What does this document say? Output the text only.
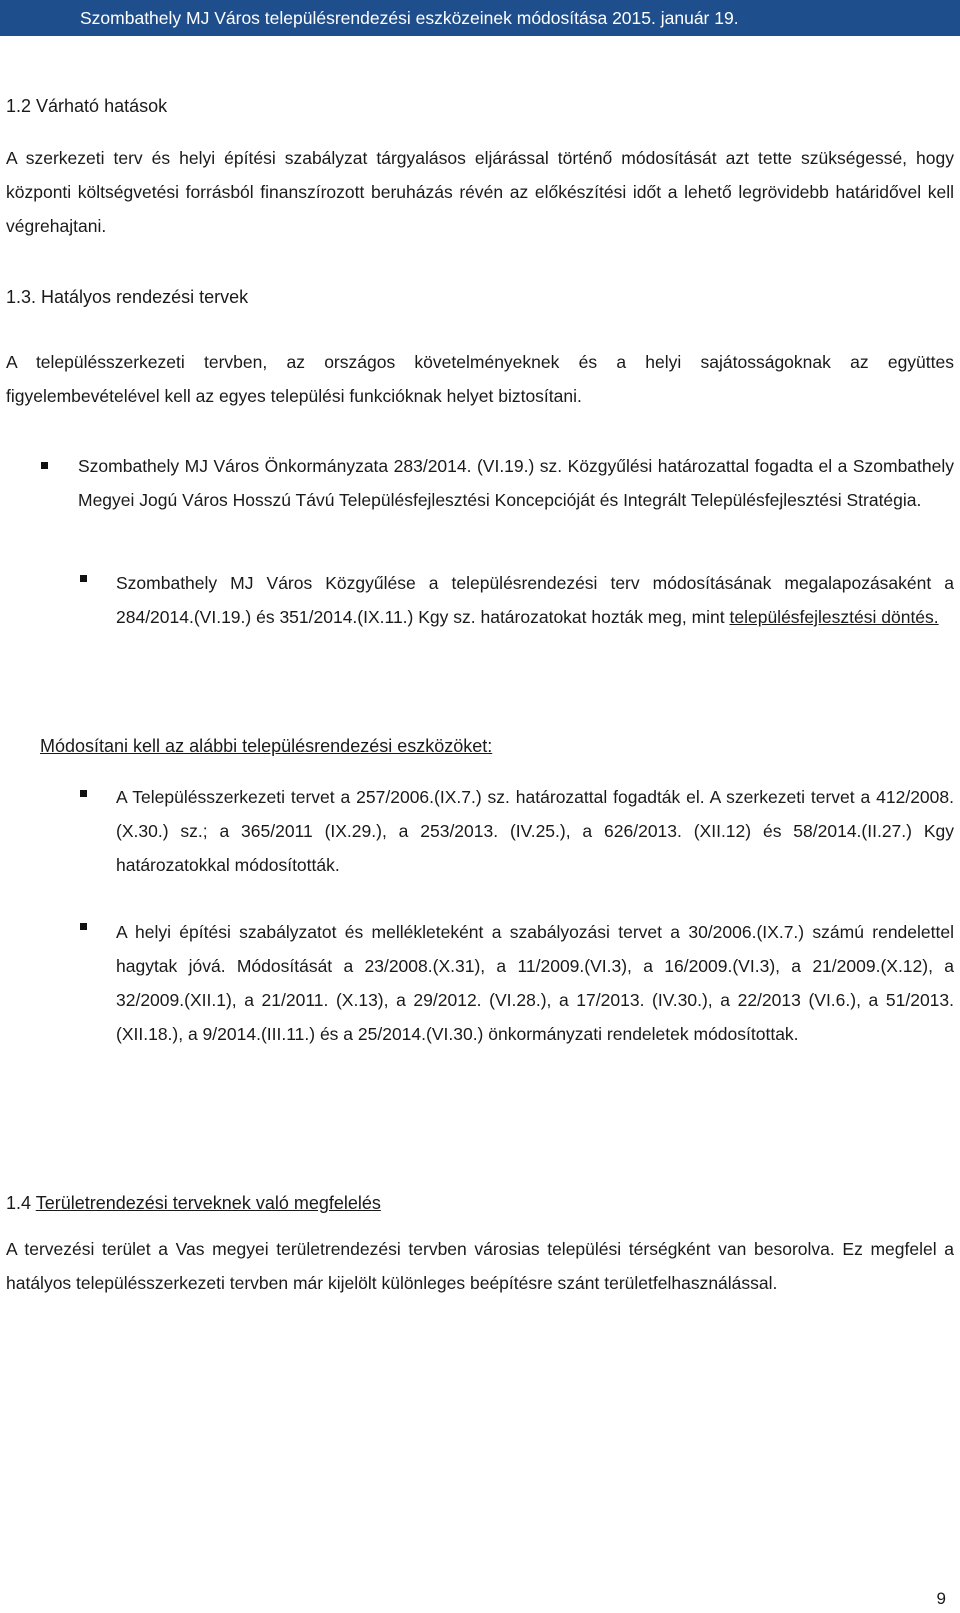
Szombathely MJ Város településrendezési eszközeinek módosítása 2015. január 19.
1.2 Várható hatások
A szerkezeti terv és helyi építési szabályzat tárgyalásos eljárással történő módosítását azt tette szükségessé, hogy központi költségvetési forrásból finanszírozott beruházás révén az előkészítési időt a lehető legrövidebb határidővel kell végrehajtani.
1.3. Hatályos rendezési tervek
A településszerkezeti tervben, az országos követelményeknek és a helyi sajátosságoknak az együttes figyelembevételével kell az egyes települési funkcióknak helyet biztosítani.
Szombathely MJ Város Önkormányzata 283/2014. (VI.19.) sz. Közgyűlési határozattal fogadta el a Szombathely Megyei Jogú Város Hosszú Távú Településfejlesztési Koncepcióját és Integrált Településfejlesztési Stratégia.
Szombathely MJ Város Közgyűlése a településrendezési terv módosításának megalapozásaként a 284/2014.(VI.19.) és 351/2014.(IX.11.) Kgy sz. határozatokat hozták meg, mint településfejlesztési döntés.
Módosítani kell az alábbi településrendezési eszközöket:
A Településszerkezeti tervet a 257/2006.(IX.7.) sz. határozattal fogadták el. A szerkezeti tervet a 412/2008. (X.30.) sz.; a 365/2011 (IX.29.), a 253/2013. (IV.25.), a 626/2013. (XII.12) és 58/2014.(II.27.) Kgy határozatokkal módosították.
A helyi építési szabályzatot és mellékleteként a szabályozási tervet a 30/2006.(IX.7.) számú rendelettel hagytak jóvá. Módosítását a 23/2008.(X.31), a 11/2009.(VI.3), a 16/2009.(VI.3), a 21/2009.(X.12), a 32/2009.(XII.1), a 21/2011. (X.13), a 29/2012. (VI.28.), a 17/2013. (IV.30.), a 22/2013 (VI.6.), a 51/2013.(XII.18.), a 9/2014.(III.11.) és a 25/2014.(VI.30.) önkormányzati rendeletek módosítottak.
1.4 Területrendezési terveknek való megfelelés
A tervezési terület a Vas megyei területrendezési tervben városias települési térségként van besorolva. Ez megfelel a hatályos településszerkezeti tervben már kijelölt különleges beépítésre szánt területfelhasználással.
9
